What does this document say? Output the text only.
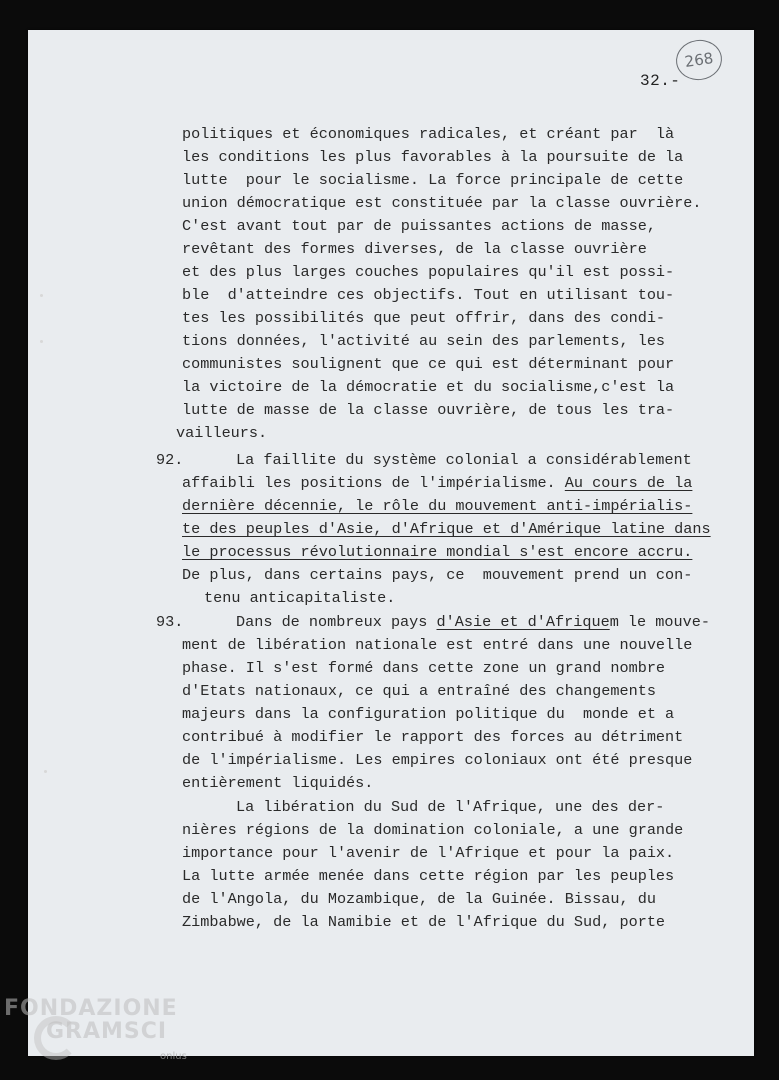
268
32.-
politiques et économiques radicales, et créant par  là
les conditions les plus favorables à la poursuite de la
lutte  pour le socialisme. La force principale de cette
union démocratique est constituée par la classe ouvrière.
C'est avant tout par de puissantes actions de masse,
revêtant des formes diverses, de la classe ouvrière
et des plus larges couches populaires qu'il est possi-
ble  d'atteindre ces objectifs. Tout en utilisant tou-
tes les possibilités que peut offrir, dans des condi-
tions données, l'activité au sein des parlements, les
communistes soulignent que ce qui est déterminant pour
la victoire de la démocratie et du socialisme,c'est la
lutte de masse de la classe ouvrière, de tous les tra-
vailleurs.
92.	La faillite du système colonial a considérablement
affaibli les positions de l'impérialisme. Au cours de la
dernière décennie, le rôle du mouvement anti-impérialis-
te des peuples d'Asie, d'Afrique et d'Amérique latine dans
le processus révolutionnaire mondial s'est encore accru.
De plus, dans certains pays, ce  mouvement prend un con-
tenu anticapitaliste.
93.	Dans de nombreux pays d'Asie et d'Afriquem le mouve-
ment de libération nationale est entré dans une nouvelle
phase. Il s'est formé dans cette zone un grand nombre
d'Etats nationaux, ce qui a entraîné des changements
majeurs dans la configuration politique du  monde et a
contribué à modifier le rapport des forces au détriment
de l'impérialisme. Les empires coloniaux ont été presque
entièrement liquidés.
La libération du Sud de l'Afrique, une des der-
nières régions de la domination coloniale, a une grande
importance pour l'avenir de l'Afrique et pour la paix.
La lutte armée menée dans cette région par les peuples
de l'Angola, du Mozambique, de la Guinée. Bissau, du
Zimbabwe, de la Namibie et de l'Afrique du Sud, porte
FONDAZIONE
GRAMSCI
onlus
